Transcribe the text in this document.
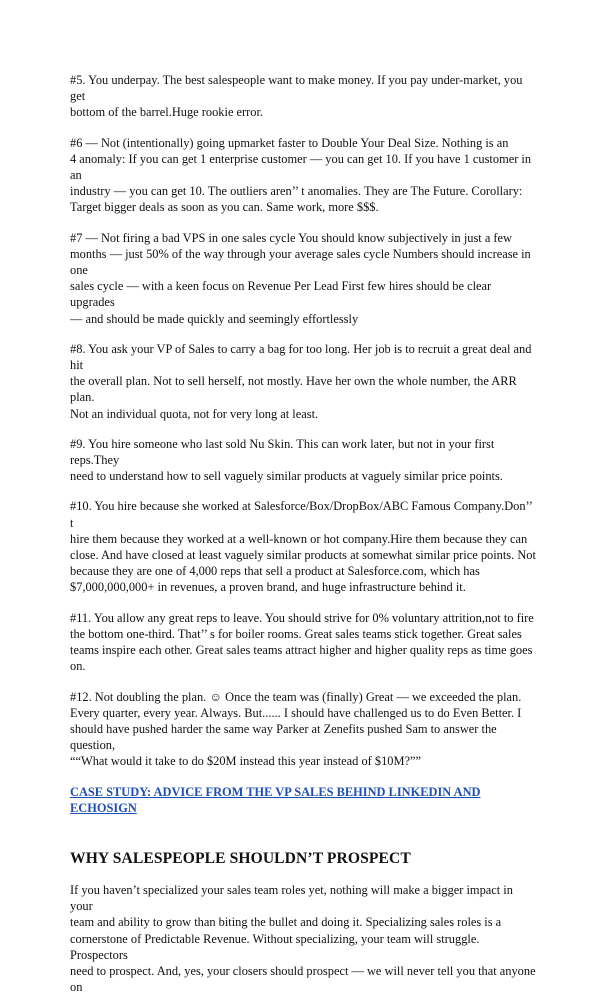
#5. You underpay. The best salespeople want to make money. If you pay under-market, you get
bottom of the barrel.Huge rookie error.

#6 — Not (intentionally) going upmarket faster to Double Your Deal Size. Nothing is an
4 anomaly: If you can get 1 enterprise customer — you can get 10. If you have 1 customer in an
industry — you can get 10. The outliers aren’’ t anomalies. They are The Future. Corollary:
Target bigger deals as soon as you can. Same work, more $$$.

#7 — Not firing a bad VPS in one sales cycle You should know subjectively in just a few
months — just 50% of the way through your average sales cycle Numbers should increase in one
sales cycle — with a keen focus on Revenue Per Lead First few hires should be clear upgrades
— and should be made quickly and seemingly effortlessly

#8. You ask your VP of Sales to carry a bag for too long. Her job is to recruit a great deal and hit
the overall plan. Not to sell herself, not mostly. Have her own the whole number, the ARR plan.
Not an individual quota, not for very long at least.

#9. You hire someone who last sold Nu Skin. This can work later, but not in your first reps.They
need to understand how to sell vaguely similar products at vaguely similar price points.

#10. You hire because she worked at Salesforce/Box/DropBox/ABC Famous Company.Don’’ t
hire them because they worked at a well-known or hot company.Hire them because they can
close. And have closed at least vaguely similar products at somewhat similar price points. Not
because they are one of 4,000 reps that sell a product at Salesforce.com, which has
$7,000,000,000+ in revenues, a proven brand, and huge infrastructure behind it.

#11. You allow any great reps to leave. You should strive for 0% voluntary attrition,not to fire
the bottom one-third. That’’ s for boiler rooms. Great sales teams stick together. Great sales
teams inspire each other. Great sales teams attract higher and higher quality reps as time goes on.

#12. Not doubling the plan. ☺ Once the team was (finally) Great — we exceeded the plan.
Every quarter, every year. Always. But...... I should have challenged us to do Even Better. I
should have pushed harder the same way Parker at Zenefits pushed Sam to answer the question,
““What would it take to do $20M instead this year instead of $10M?””

CASE STUDY: ADVICE FROM THE VP SALES BEHIND LINKEDIN AND
ECHOSIGN
WHY SALESPEOPLE SHOULDN’T PROSPECT

If you haven’t specialized your sales team roles yet, nothing will make a bigger impact in your
team and ability to grow than biting the bullet and doing it. Specializing sales roles is a
cornerstone of Predictable Revenue. Without specializing, your team will struggle. Prospectors
need to prospect. And, yes, your closers should prospect — we will never tell you that anyone on
